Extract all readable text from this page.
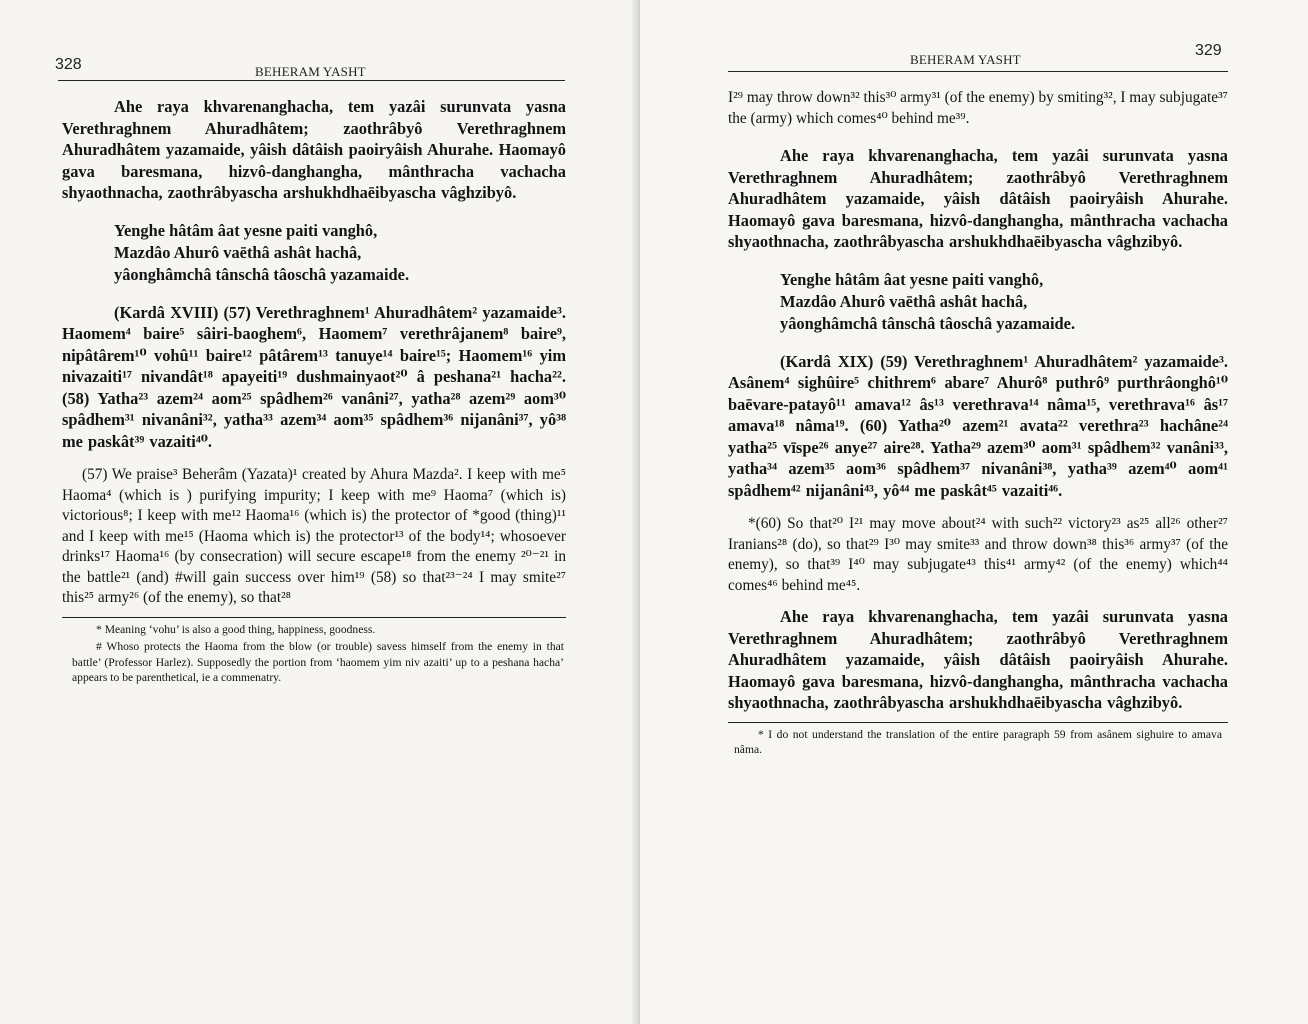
328	BEHERAM YASHT

Ahe raya khvarenanghacha, tem yazâi surunvata yasna Verethraghnem Ahuradhâtem; zaothrâbyô Verethraghnem Ahuradhâtem yazamaide, yâish dâtâish paoiryâish Ahurahe. Haomayô gava baresmana, hizvô-danghangha, mânthracha vachacha shyaothnacha, zaothrâbyascha arshukhdhaēibyascha vâghzibyô.

Yenghe hâtâm âat yesne paiti vanghô,
Mazdâo Ahurô vaēthâ ashât hachâ,
yâonghâmchâ tânschâ tâoschâ yazamaide.

(Kardâ XVIII) (57) Verethraghnem¹ Ahuradhâtem² yazamaide³. Haomem⁴ baire⁵ sâiri-baoghem⁶, Haomem⁷ verethrâjanem⁸ baire⁹, nipâtârem¹⁰ vohû¹¹ baire¹² pâtârem¹³ tanuye¹⁴ baire¹⁵; Haomem¹⁶ yim nivazaiti¹⁷ nivandât¹⁸ apayeiti¹⁹ dushmainyaot²⁰ â peshana²¹ hacha²². (58) Yatha²³ azem²⁴ aom²⁵ spâdhem²⁶ vanâni²⁷, yatha²⁸ azem²⁹ aom³⁰ spâdhem³¹ nivanâni³², yatha³³ azem³⁴ aom³⁵ spâdhem³⁶ nijanâni³⁷, yô³⁸ me paskât³⁹ vazaiti⁴⁰.

(57) We praise³ Beherâm (Yazata)¹ created by Ahura Mazda². I keep with me⁵ Haoma⁴ (which is ) purifying impurity; I keep with me⁹ Haoma⁷ (which is) victorious⁸; I keep with me¹² Haoma¹⁶ (which is) the protector of *good (thing)¹¹ and I keep with me¹⁵ (Haoma which is) the protector¹³ of the body¹⁴; whosoever drinks¹⁷ Haoma¹⁶ (by consecration) will secure escape¹⁸ from the enemy ²⁰⁻²¹ in the battle²¹ (and) #will gain success over him¹⁹ (58) so that²³⁻²⁴ I may smite²⁷ this²⁵ army²⁶ (of the enemy), so that²⁸

* Meaning ‘vohu’ is also a good thing, happiness, goodness.

# Whoso protects the Haoma from the blow (or trouble) savess himself from the enemy in that battle’ (Professor Harlez). Supposedly the portion from ‘haomem yim niv azaiti’ up to a peshana hacha’ appears to be parenthetical, ie a commenatry.

329
BEHERAM YASHT

I²⁹ may throw down³² this³⁰ army³¹ (of the enemy) by smiting³², I may subjugate³⁷ the (army) which comes⁴⁰ behind me³⁹.

Ahe raya khvarenanghacha, tem yazâi surunvata yasna Verethraghnem Ahuradhâtem; zaothrâbyô Verethraghnem Ahuradhâtem yazamaide, yâish dâtâish paoiryâish Ahurahe. Haomayô gava baresmana, hizvô-danghangha, mânthracha vachacha shyaothnacha, zaothrâbyascha arshukhdhaēibyascha vâghzibyô.

Yenghe hâtâm âat yesne paiti vanghô,
Mazdâo Ahurô vaēthâ ashât hachâ,
yâonghâmchâ tânschâ tâoschâ yazamaide.

(Kardâ XIX) (59) Verethraghnem¹ Ahuradhâtem² yazamaide³. Asânem⁴ sighûire⁵ chithrem⁶ abare⁷ Ahurô⁸ puthrô⁹ purthrâonghô¹⁰ baēvare-patayô¹¹ amava¹² âs¹³ verethrava¹⁴ nâma¹⁵, verethrava¹⁶ âs¹⁷ amava¹⁸ nâma¹⁹. (60) Yatha²⁰ azem²¹ avata²² verethra²³ hachâne²⁴ yatha²⁵ vīspe²⁶ anye²⁷ aire²⁸. Yatha²⁹ azem³⁰ aom³¹ spâdhem³² vanâni³³, yatha³⁴ azem³⁵ aom³⁶ spâdhem³⁷ nivanâni³⁸, yatha³⁹ azem⁴⁰ aom⁴¹ spâdhem⁴² nijanâni⁴³, yô⁴⁴ me paskât⁴⁵ vazaiti⁴⁶.

*(60) So that²⁰ I²¹ may move about²⁴ with such²² victory²³ as²⁵ all²⁶ other²⁷ Iranians²⁸ (do), so that²⁹ I³⁰ may smite³³ and throw down³⁸ this³⁶ army³⁷ (of the enemy), so that³⁹ I⁴⁰ may subjugate⁴³ this⁴¹ army⁴² (of the enemy) which⁴⁴ comes⁴⁶ behind me⁴⁵.

Ahe raya khvarenanghacha, tem yazâi surunvata yasna Verethraghnem Ahuradhâtem; zaothrâbyô Verethraghnem Ahuradhâtem yazamaide, yâish dâtâish paoiryâish Ahurahe. Haomayô gava baresmana, hizvô-danghangha, mânthracha vachacha shyaothnacha, zaothrâbyascha arshukhdhaēibyascha vâghzibyô.

* I do not understand the translation of the entire paragraph 59 from asânem sighuire to amava nâma.
